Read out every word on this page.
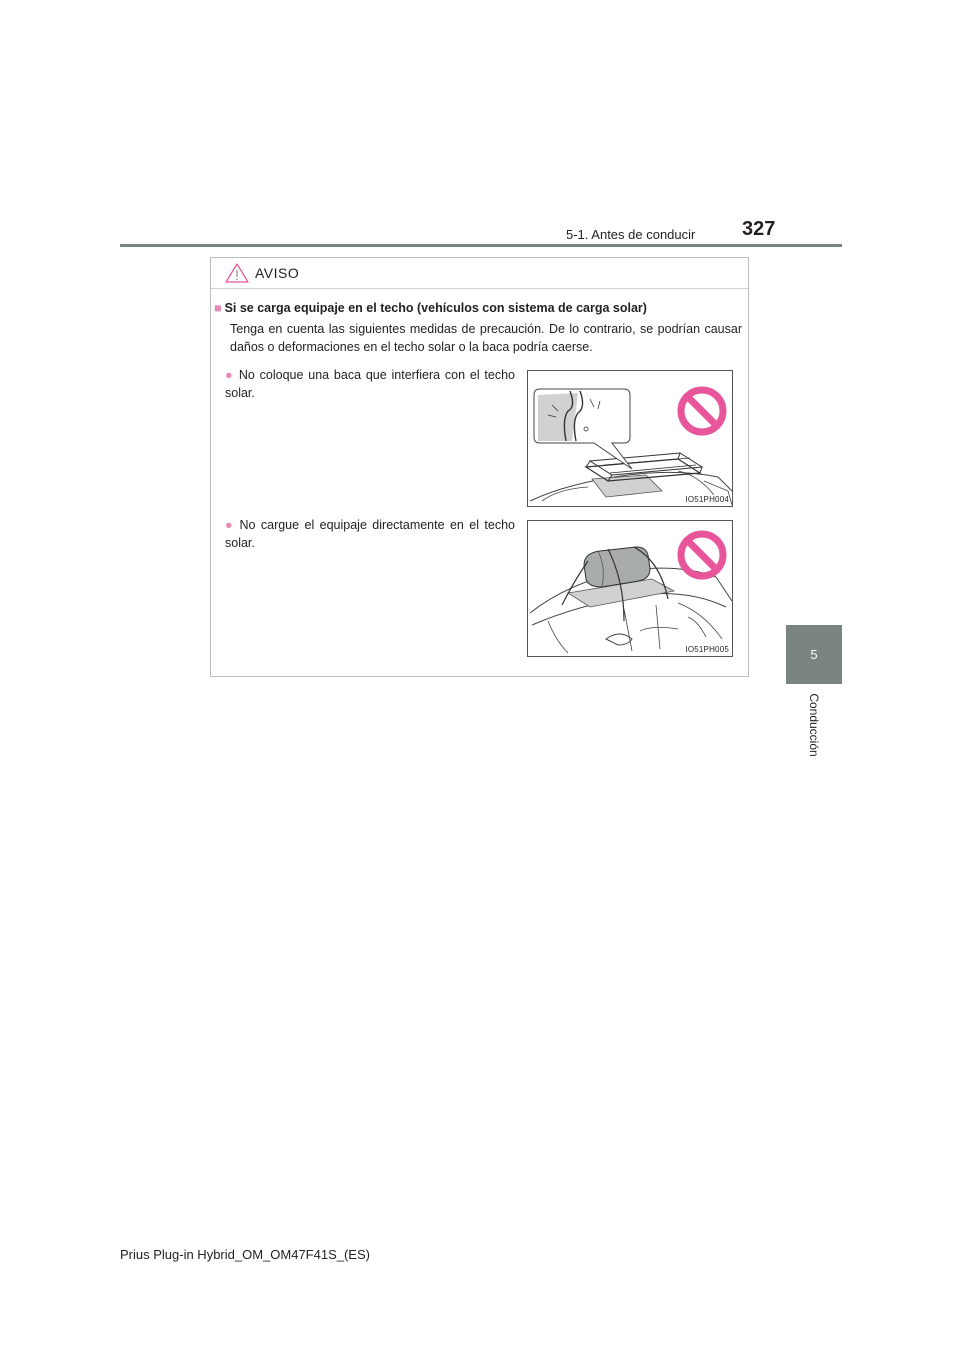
5-1. Antes de conducir 327
5
Conducción
AVISO
■ Si se carga equipaje en el techo (vehículos con sistema de carga solar)

Tenga en cuenta las siguientes medidas de precaución. De lo contrario, se podrían causar daños o deformaciones en el techo solar o la baca podría caerse.

● No coloque una baca que interfiera con el techo solar.
IO51PH004
● No cargue el equipaje directamente en el techo solar.
IO51PH005
Prius Plug-in Hybrid_OM_OM47F41S_(ES)
